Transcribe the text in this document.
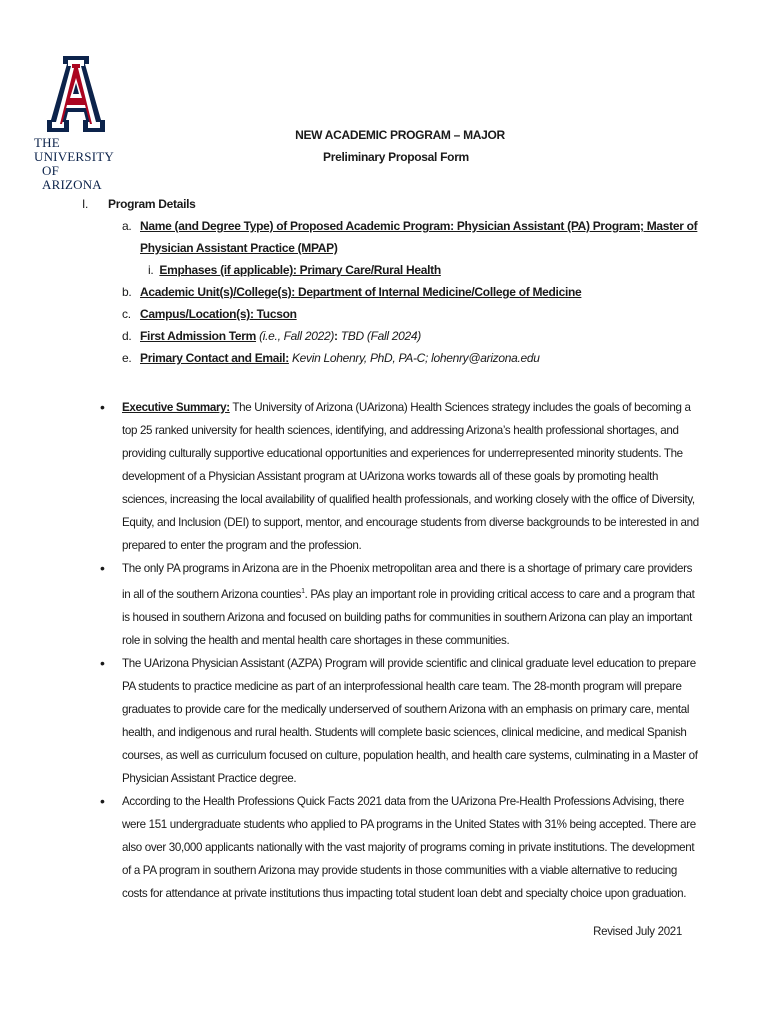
THE UNIVERSITY
OF ARIZONA
NEW ACADEMIC PROGRAM – MAJOR
Preliminary Proposal Form
I.	Program Details
a. Name (and Degree Type) of Proposed Academic Program: Physician Assistant (PA) Program; Master of Physician Assistant Practice (MPAP)
i. Emphases (if applicable): Primary Care/Rural Health
b. Academic Unit(s)/College(s): Department of Internal Medicine/College of Medicine
c. Campus/Location(s): Tucson
d. First Admission Term (i.e., Fall 2022): TBD (Fall 2024)
e. Primary Contact and Email: Kevin Lohenry, PhD, PA-C; lohenry@arizona.edu
•	Executive Summary: The University of Arizona (UArizona) Health Sciences strategy includes the goals of becoming a top 25 ranked university for health sciences, identifying, and addressing Arizona’s health professional shortages, and providing culturally supportive educational opportunities and experiences for underrepresented minority students. The development of a Physician Assistant program at UArizona works towards all of these goals by promoting health sciences, increasing the local availability of qualified health professionals, and working closely with the office of Diversity, Equity, and Inclusion (DEI) to support, mentor, and encourage students from diverse backgrounds to be interested in and prepared to enter the program and the profession.
•	The only PA programs in Arizona are in the Phoenix metropolitan area and there is a shortage of primary care providers in all of the southern Arizona counties$^1$. PAs play an important role in providing critical access to care and a program that is housed in southern Arizona and focused on building paths for communities in southern Arizona can play an important role in solving the health and mental health care shortages in these communities.
•	The UArizona Physician Assistant (AZPA) Program will provide scientific and clinical graduate level education to prepare PA students to practice medicine as part of an interprofessional health care team. The 28-month program will prepare graduates to provide care for the medically underserved of southern Arizona with an emphasis on primary care, mental health, and indigenous and rural health. Students will complete basic sciences, clinical medicine, and medical Spanish courses, as well as curriculum focused on culture, population health, and health care systems, culminating in a Master of Physician Assistant Practice degree.
•	According to the Health Professions Quick Facts 2021 data from the UArizona Pre-Health Professions Advising, there were 151 undergraduate students who applied to PA programs in the United States with 31% being accepted. There are also over 30,000 applicants nationally with the vast majority of programs coming in private institutions. The development of a PA program in southern Arizona may provide students in those communities with a viable alternative to reducing costs for attendance at private institutions thus impacting total student loan debt and specialty choice upon graduation.
Revised July 2021
